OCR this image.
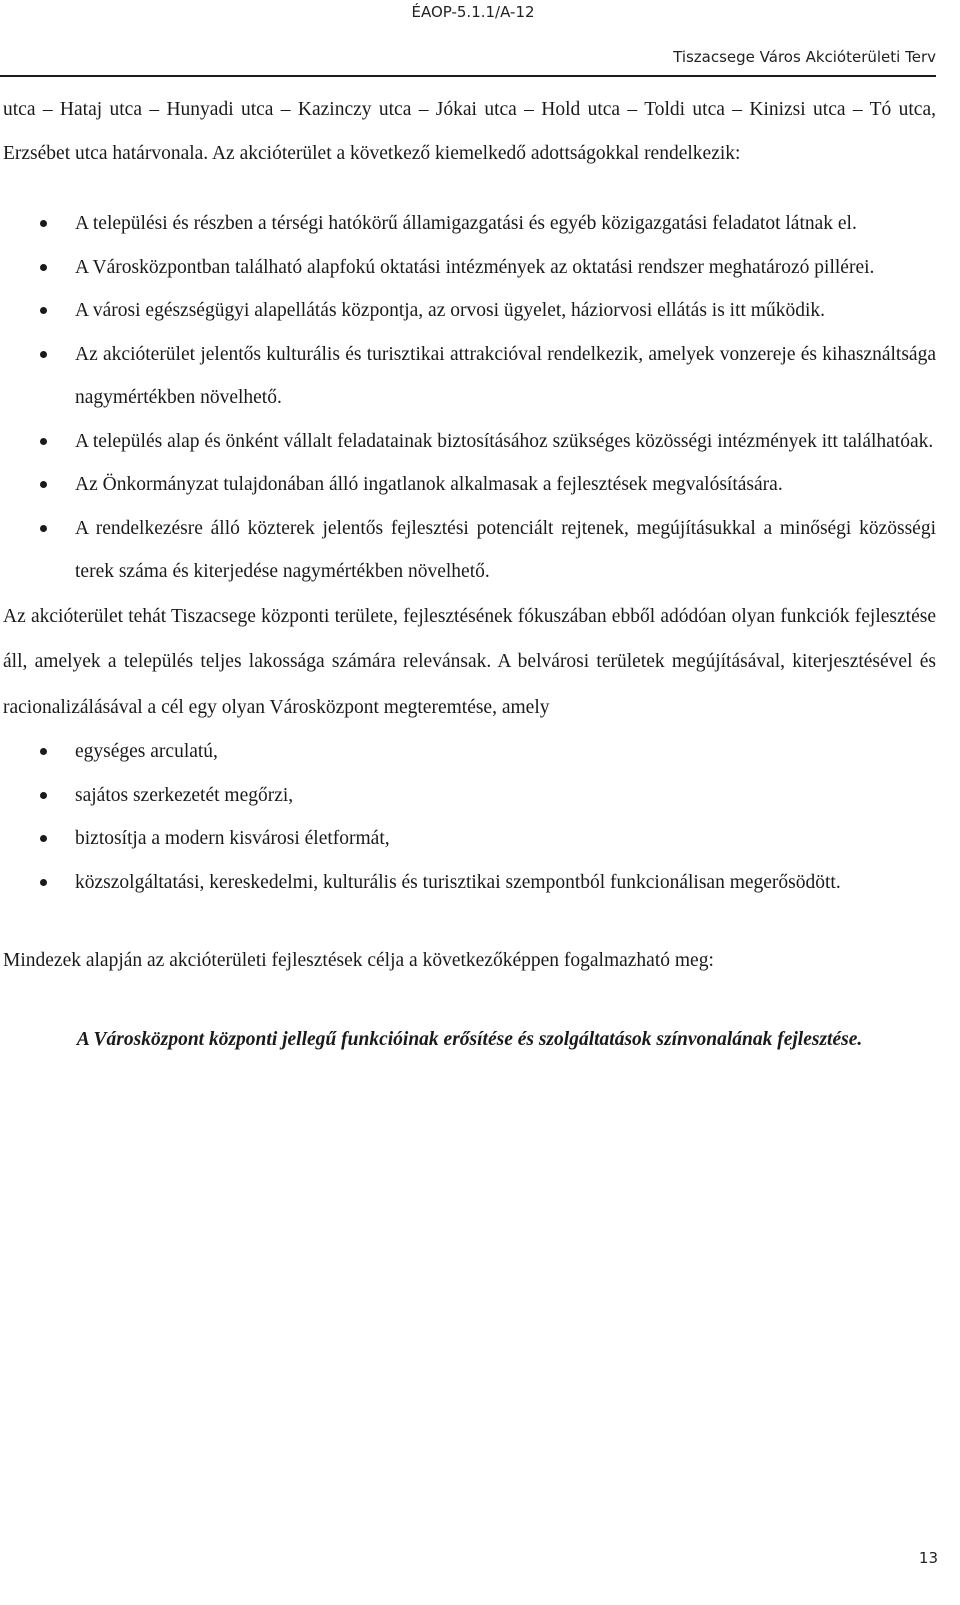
ÉAOP-5.1.1/A-12
Tiszacsege Város Akcióterületi Terv

utca – Hataj utca – Hunyadi utca – Kazinczy utca – Jókai utca – Hold utca – Toldi utca – Kinizsi utca – Tó utca, Erzsébet utca határvonala. Az akcióterület a következő kiemelkedő adottságokkal rendelkezik:

A települési és részben a térségi hatókörű államigazgatási és egyéb közigazgatási feladatot látnak el.
A Városközpontban található alapfokú oktatási intézmények az oktatási rendszer meghatározó pillérei.
A városi egészségügyi alapellátás központja, az orvosi ügyelet, háziorvosi ellátás is itt működik.
Az akcióterület jelentős kulturális és turisztikai attrakcióval rendelkezik, amelyek vonzereje és kihasználtsága nagymértékben növelhető.
A település alap és önként vállalt feladatainak biztosításához szükséges közösségi intézmények itt találhatóak.
Az Önkormányzat tulajdonában álló ingatlanok alkalmasak a fejlesztések megvalósítására.
A rendelkezésre álló közterek jelentős fejlesztési potenciált rejtenek, megújításukkal a minőségi közösségi terek száma és kiterjedése nagymértékben növelhető.

Az akcióterület tehát Tiszacsege központi területe, fejlesztésének fókuszában ebből adódóan olyan funkciók fejlesztése áll, amelyek a település teljes lakossága számára relevánsak. A belvárosi területek megújításával, kiterjesztésével és racionalizálásával a cél egy olyan Városközpont megteremtése, amely

egységes arculatú,
sajátos szerkezetét megőrzi,
biztosítja a modern kisvárosi életformát,
közszolgáltatási, kereskedelmi, kulturális és turisztikai szempontból funkcionálisan megerősödött.

Mindezek alapján az akcióterületi fejlesztések célja a következőképpen fogalmazható meg:

A Városközpont központi jellegű funkcióinak erősítése és szolgáltatások színvonalának fejlesztése.

13
